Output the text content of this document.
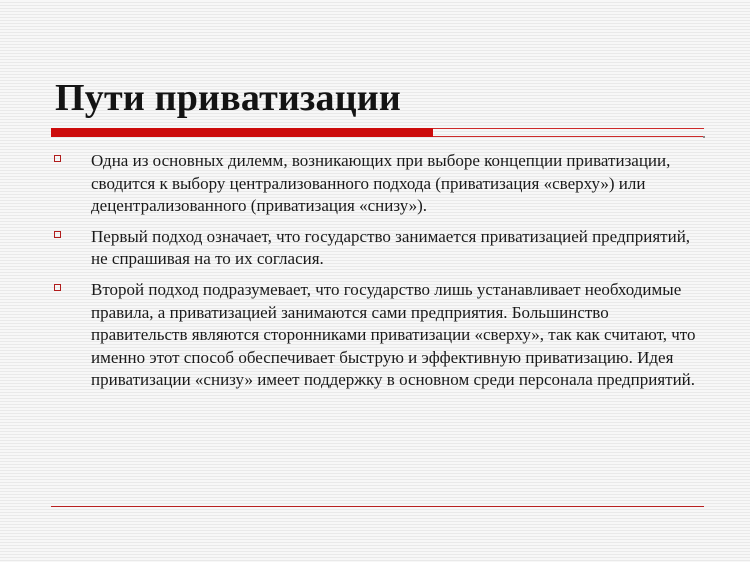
Пути приватизации
Одна из основных дилемм, возникающих при выборе концепции приватизации, сводится к выбору централизованного подхода (приватизация «сверху») или децентрализованного (приватизация «снизу»).
Первый подход означает, что государство занимается приватизацией предприятий, не спрашивая на то их согласия.
Второй подход подразумевает, что государство лишь устанавливает необходимые правила, а приватизацией занимаются сами предприятия. Большинство правительств являются сторонниками приватизации «сверху», так как считают, что именно этот способ обеспечивает быструю и эффективную приватизацию. Идея приватизации «снизу» имеет поддержку в основном среди персонала предприятий.
